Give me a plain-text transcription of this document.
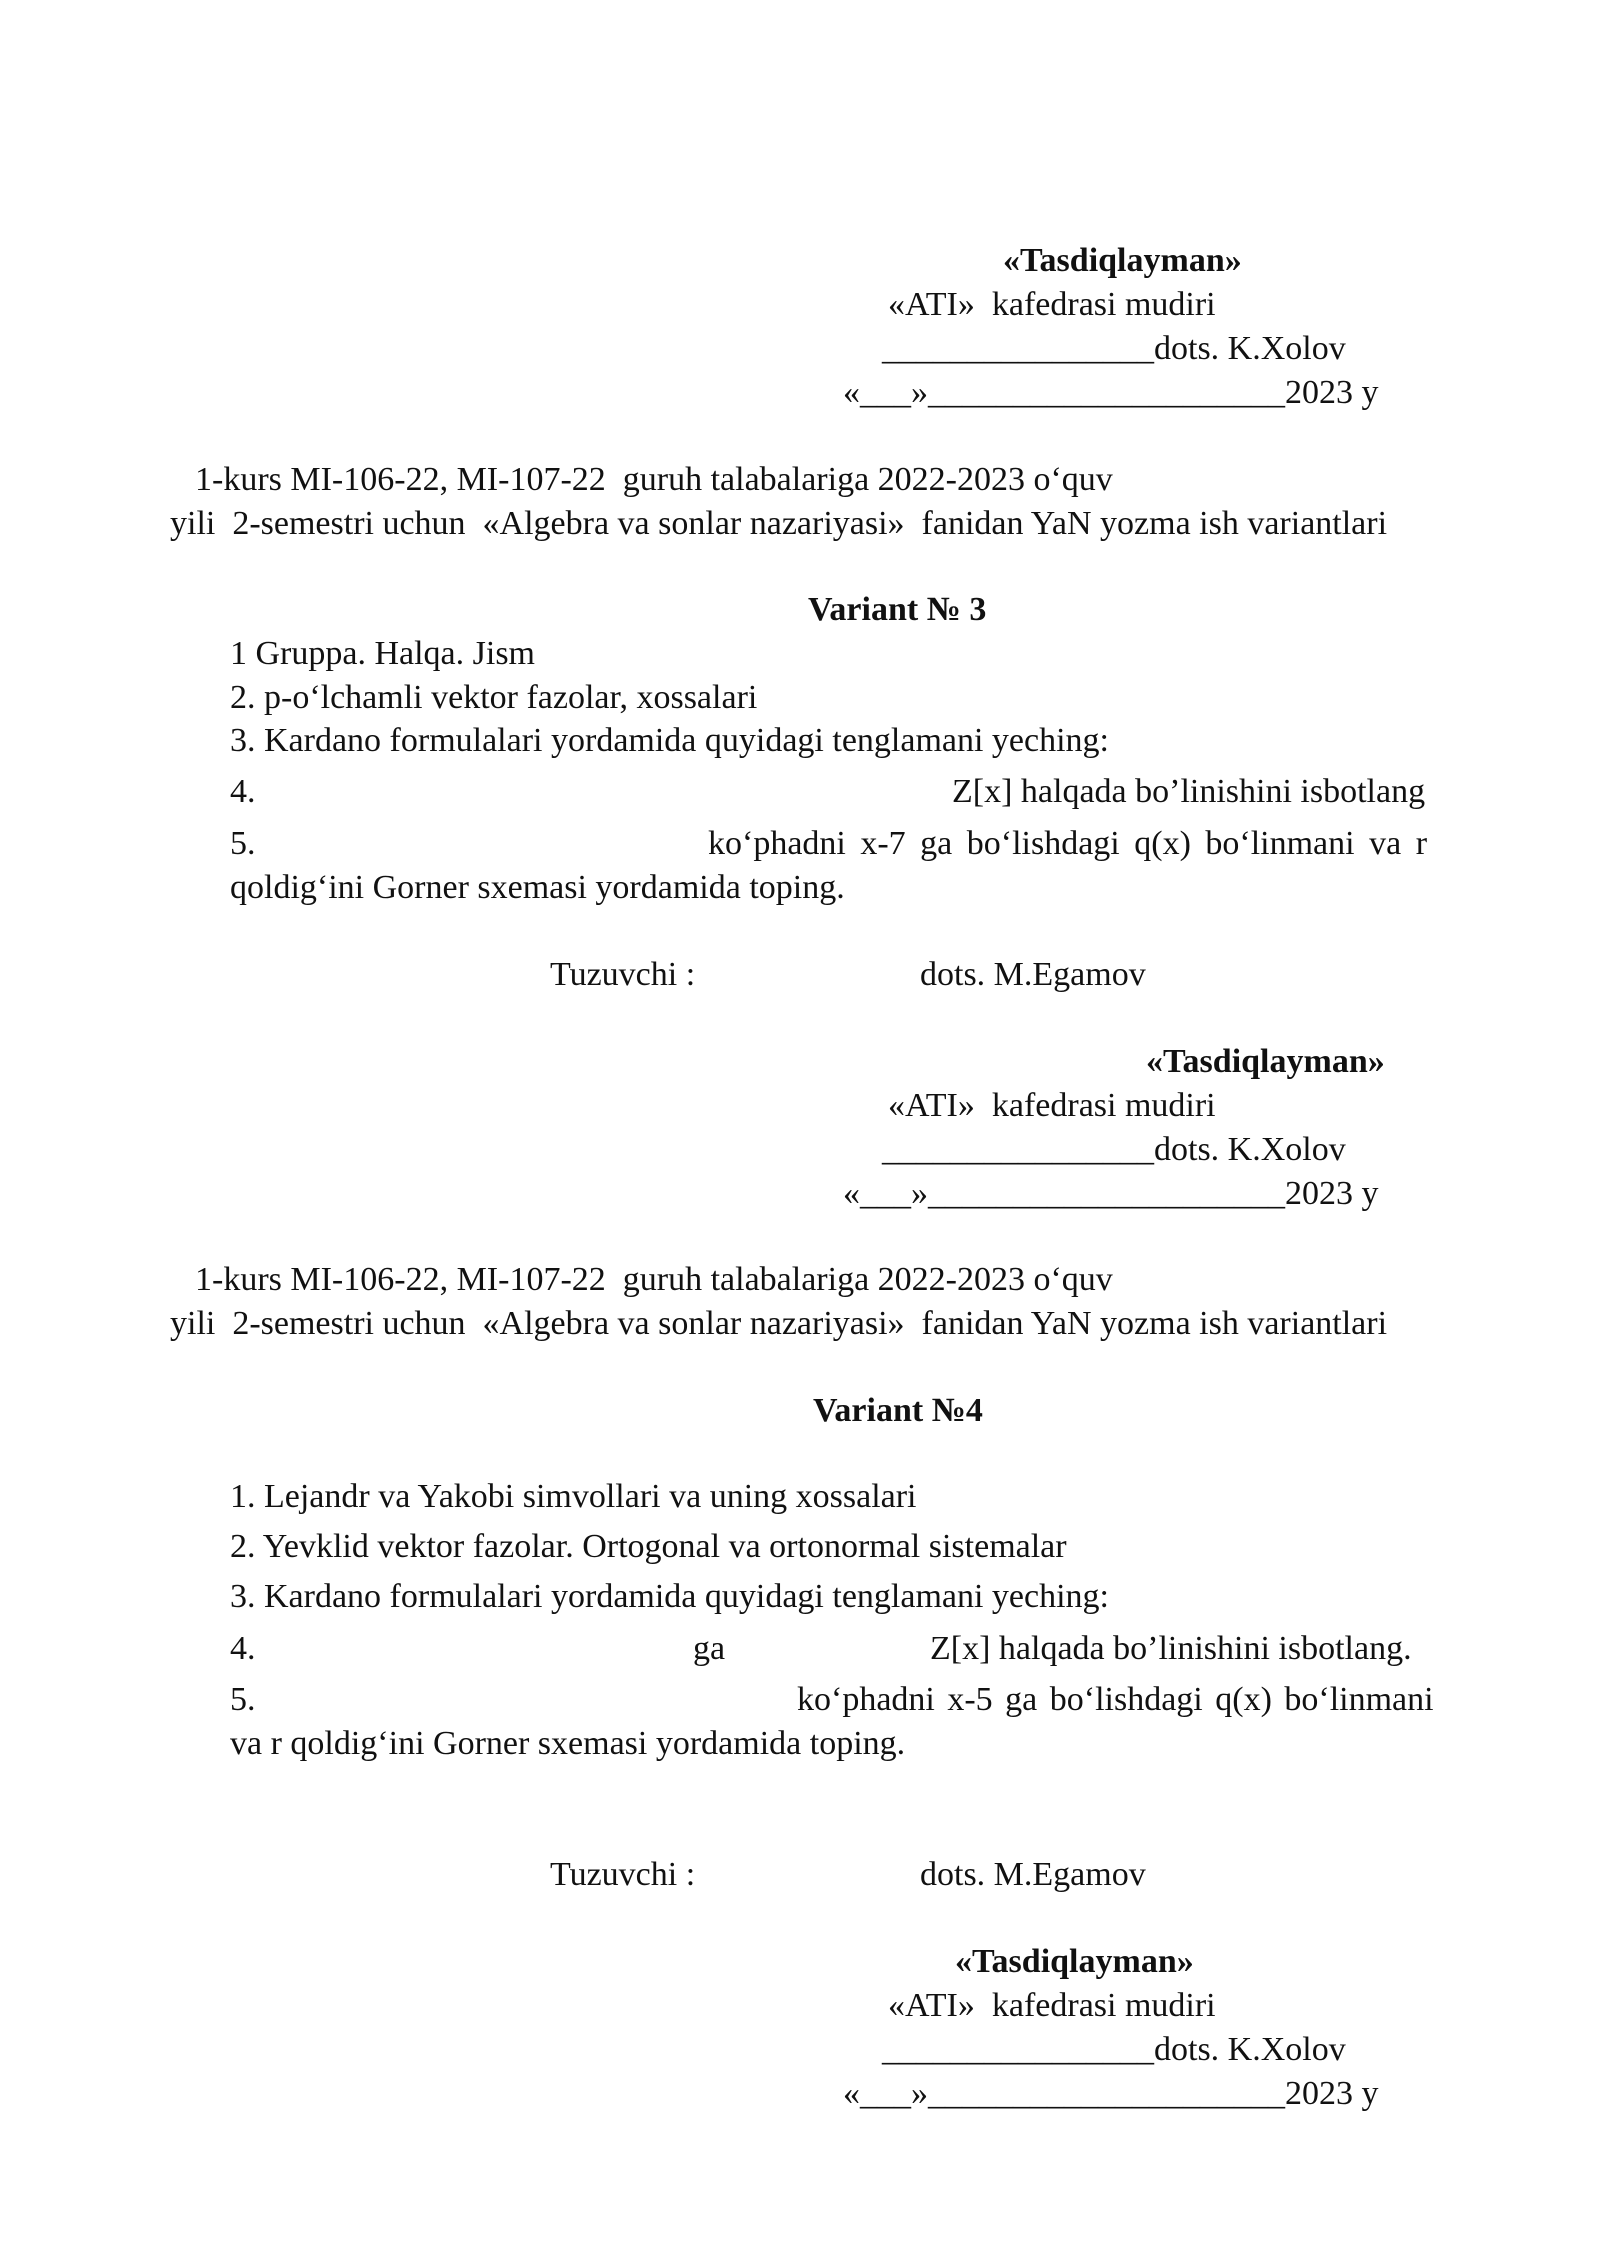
«Tasdiqlayman»
«ATI»  kafedrasi mudiri
________________dots. K.Xolov
«___»_____________________2023 y
1-kurs MI-106-22, MI-107-22  guruh talabalariga 2022-2023 o‘quv
yili  2-semestri uchun  «Algebra va sonlar nazariyasi»  fanidan YaN yozma ish variantlari
Variant № 3
1 Gruppa. Halqa. Jism
2. p-o‘lchamli vektor fazolar, xossalari
3. Kardano formulalari yordamida quyidagi tenglamani yeching:
4.	Z[x] halqada bo’linishini isbotlang
5.	ko‘phadni x-7 ga bo‘lishdagi q(x) bo‘linmani va r
qoldig‘ini Gorner sxemasi yordamida toping.
Tuzuvchi :	dots. M.Egamov
«Tasdiqlayman»
«ATI»  kafedrasi mudiri
________________dots. K.Xolov
«___»_____________________2023 y
1-kurs MI-106-22, MI-107-22  guruh talabalariga 2022-2023 o‘quv
yili  2-semestri uchun  «Algebra va sonlar nazariyasi»  fanidan YaN yozma ish variantlari
Variant №4
1. Lejandr va Yakobi simvollari va uning xossalari
2. Yevklid vektor fazolar. Ortogonal va ortonormal sistemalar
3. Kardano formulalari yordamida quyidagi tenglamani yeching:
4.	ga	Z[x] halqada bo’linishini isbotlang.
5.	ko‘phadni x-5 ga bo‘lishdagi q(x) bo‘linmani
va r qoldig‘ini Gorner sxemasi yordamida toping.
Tuzuvchi :	dots. M.Egamov
«Tasdiqlayman»
«ATI»  kafedrasi mudiri
________________dots. K.Xolov
«___»_____________________2023 y
